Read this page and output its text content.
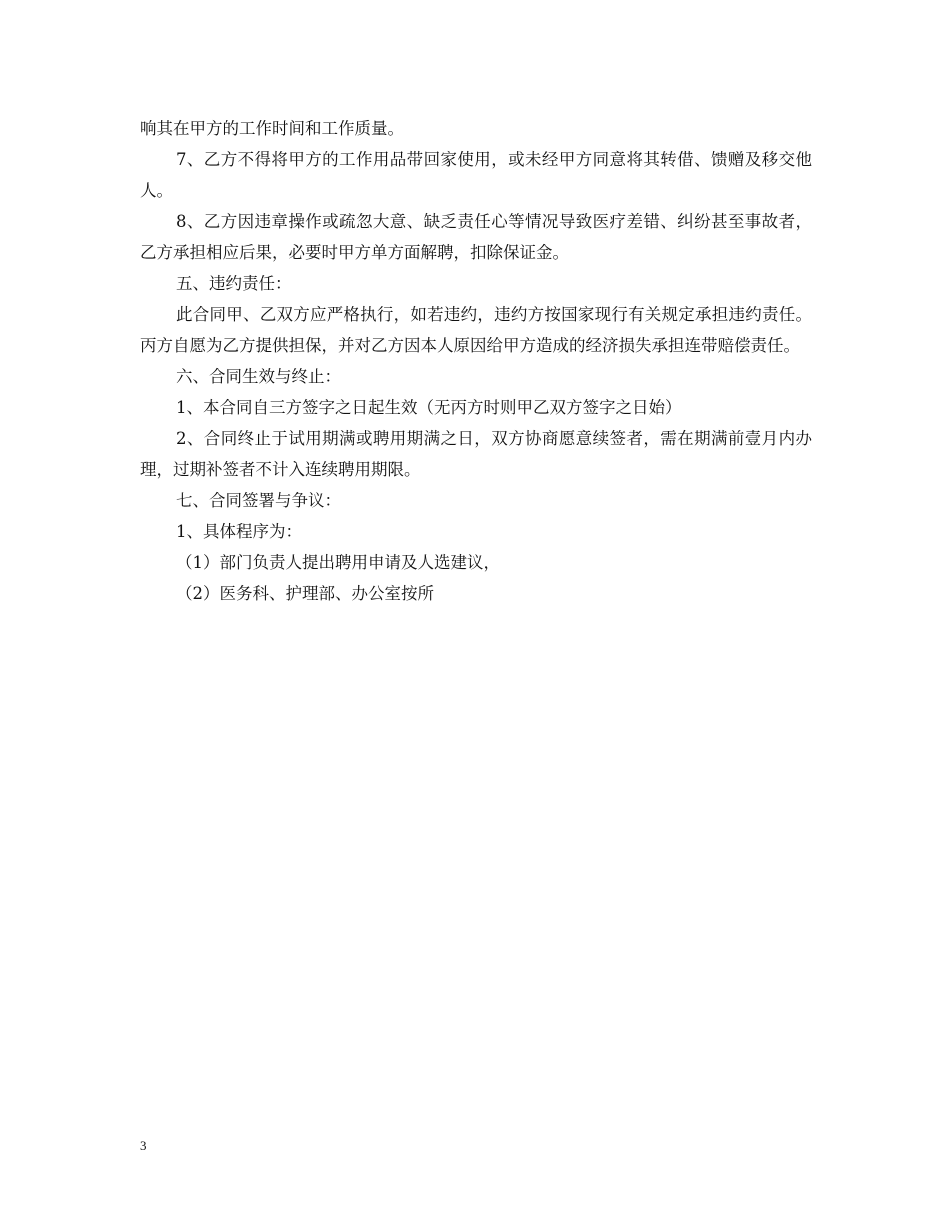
响其在甲方的工作时间和工作质量。

7、乙方不得将甲方的工作用品带回家使用，或未经甲方同意将其转借、馈赠及移交他人。

8、乙方因违章操作或疏忽大意、缺乏责任心等情况导致医疗差错、纠纷甚至事故者，乙方承担相应后果，必要时甲方单方面解聘，扣除保证金。

五、违约责任：

此合同甲、乙双方应严格执行，如若违约，违约方按国家现行有关规定承担违约责任。丙方自愿为乙方提供担保，并对乙方因本人原因给甲方造成的经济损失承担连带赔偿责任。

六、合同生效与终止：

1、本合同自三方签字之日起生效（无丙方时则甲乙双方签字之日始）

2、合同终止于试用期满或聘用期满之日，双方协商愿意续签者，需在期满前壹月内办理，过期补签者不计入连续聘用期限。

七、合同签署与争议：

1、具体程序为：

（1）部门负责人提出聘用申请及人选建议，

（2）医务科、护理部、办公室按所

3
